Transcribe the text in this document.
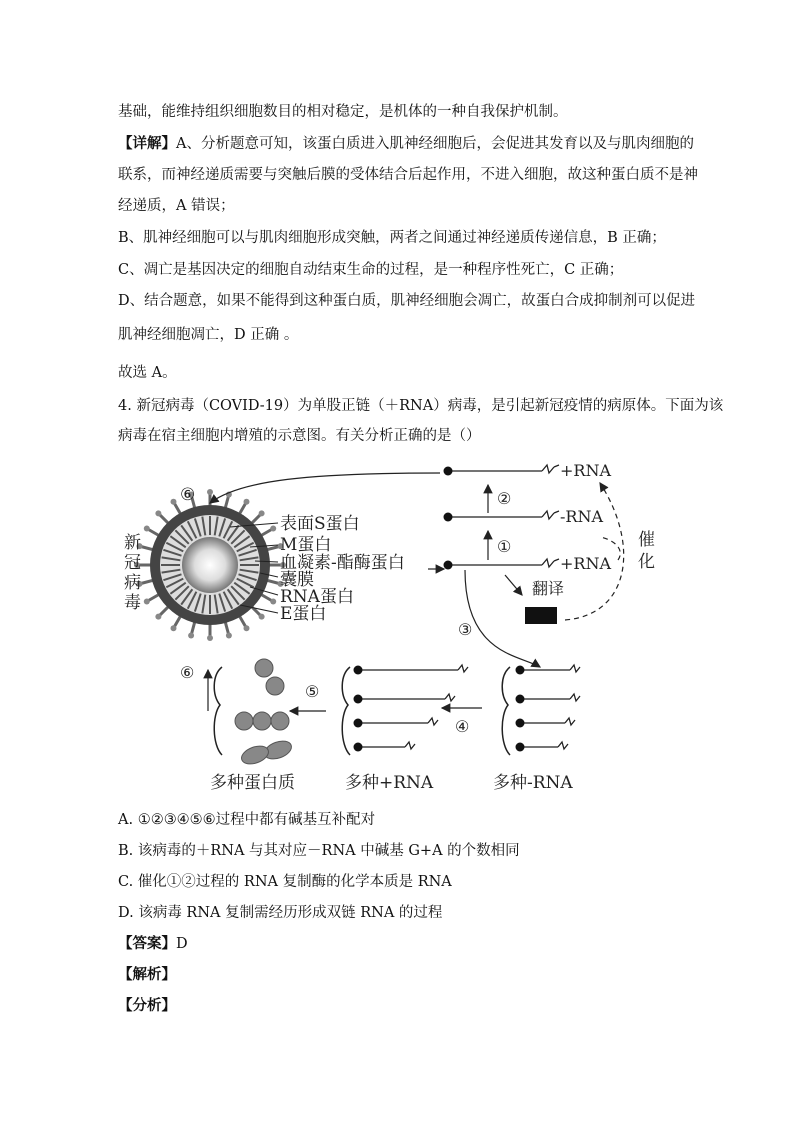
基础，能维持组织细胞数目的相对稳定，是机体的一种自我保护机制。
【详解】A、分析题意可知，该蛋白质进入肌神经细胞后，会促进其发育以及与肌肉细胞的
联系，而神经递质需要与突触后膜的受体结合后起作用，不进入细胞，故这种蛋白质不是神
经递质，A 错误；
B、肌神经细胞可以与肌肉细胞形成突触，两者之间通过神经递质传递信息，B 正确；
C、凋亡是基因决定的细胞自动结束生命的过程，是一种程序性死亡，C 正确；
D、结合题意，如果不能得到这种蛋白质，肌神经细胞会凋亡，故蛋白合成抑制剂可以促进
肌神经细胞凋亡，D 正确 。
故选 A。
4. 新冠病毒（COVID-19）为单股正链（＋RNA）病毒，是引起新冠疫情的病原体。下面为该
病毒在宿主细胞内增殖的示意图。有关分析正确的是（）
新
冠
病
毒
表面S蛋白
M蛋白
血凝素-酯酶蛋白
囊膜
RNA蛋白
E蛋白
⑥
+RNA
-RNA
+RNA
①
②
翻译
催
化
③
④
⑤
⑥
多种蛋白质	多种+RNA	多种-RNA
A. ①②③④⑤⑥过程中都有碱基互补配对
B. 该病毒的＋RNA 与其对应－RNA 中碱基 G+A 的个数相同
C. 催化①②过程的 RNA 复制酶的化学本质是 RNA
D. 该病毒 RNA 复制需经历形成双链 RNA 的过程
【答案】D
【解析】
【分析】
